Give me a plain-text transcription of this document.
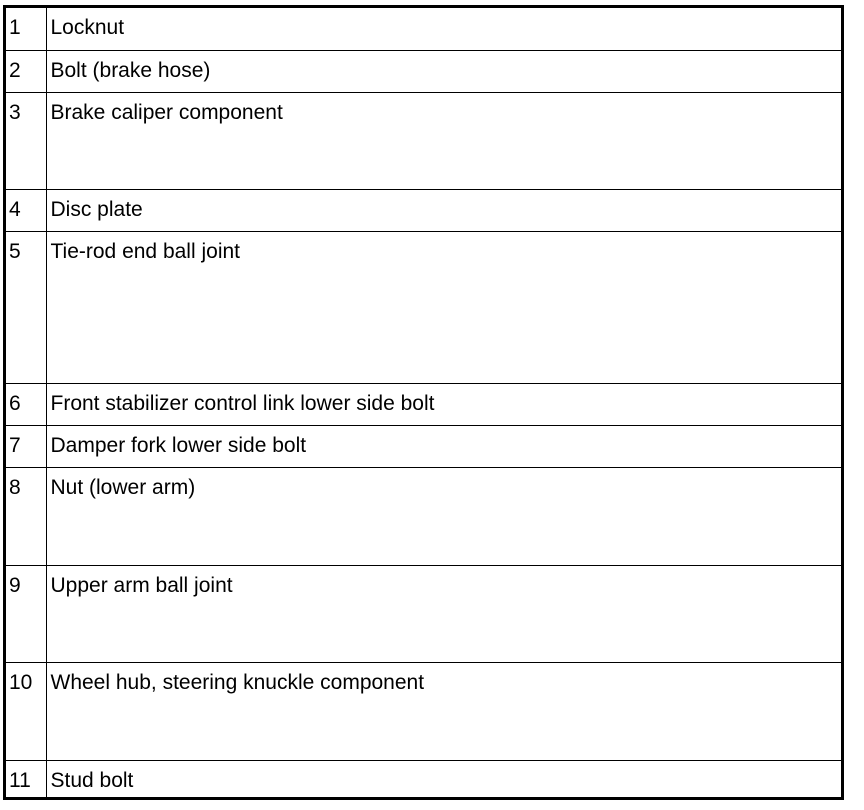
1	Locknut
2	Bolt (brake hose)
3	Brake caliper component
4	Disc plate
5	Tie-rod end ball joint
6	Front stabilizer control link lower side bolt
7	Damper fork lower side bolt
8	Nut (lower arm)
9	Upper arm ball joint
10	Wheel hub, steering knuckle component
11	Stud bolt
